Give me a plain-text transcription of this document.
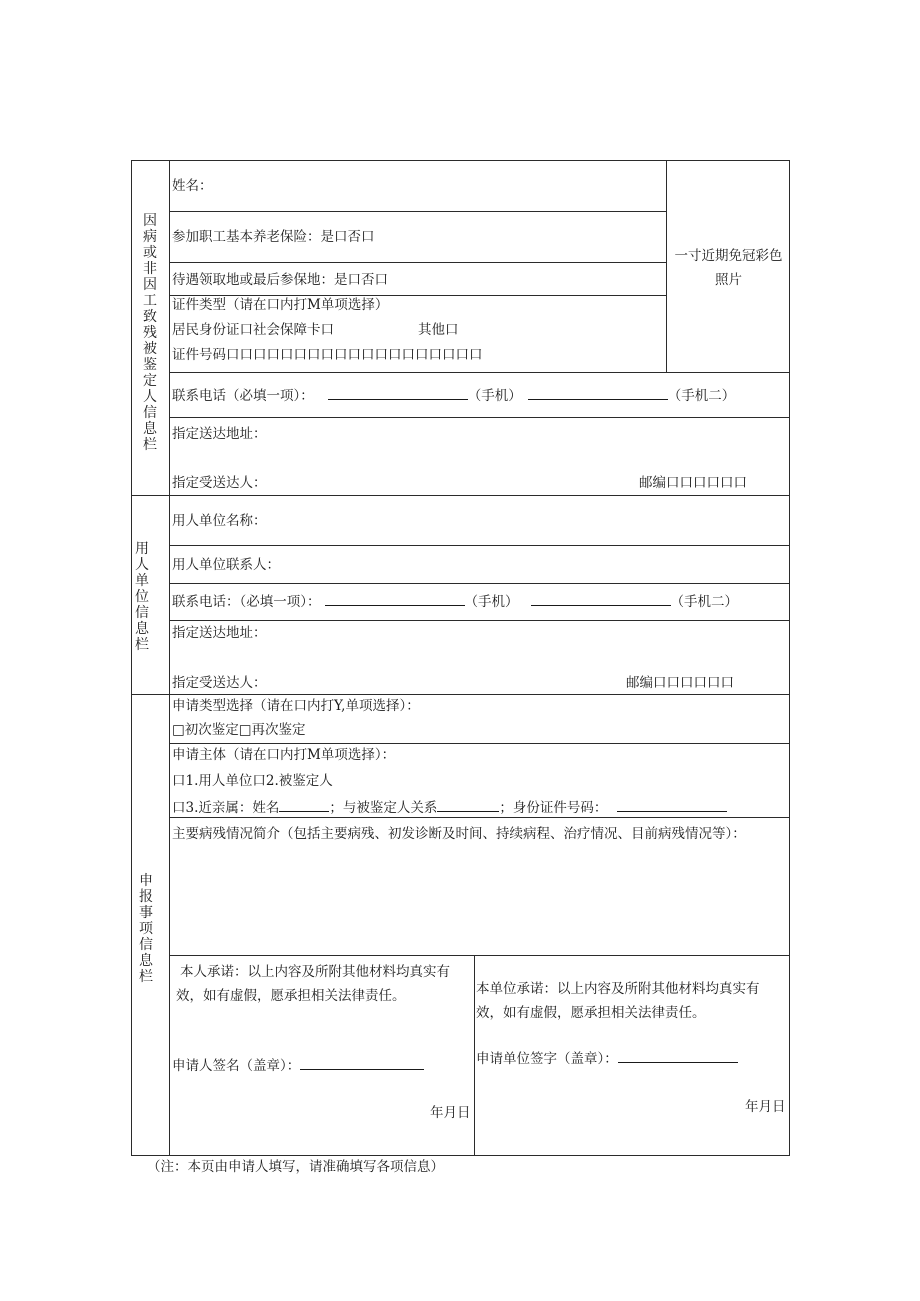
因病或非因工致残被鉴定人信息栏
姓名：
参加职工基本养老保险：是口否口
待遇领取地或最后参保地：是口否口
证件类型（请在口内打M单项选择）
居民身份证口社会保障卡口	其他口
证件号码口口口口口口口口口口口口口口口口口口口
一寸近期免冠彩色照片
联系电话（必填一项）：	（手机）	（手机二）
指定送达地址：
指定受送达人：	邮编口口口口口口
用人单位信息栏
用人单位名称：
用人单位联系人：
联系电话：（必填一项）：	（手机）	（手机二）
指定送达地址：
指定受送达人：	邮编口口口口口口
申报事项信息栏
申请类型选择（请在口内打Y,单项选择）：
□初次鉴定□再次鉴定
申请主体（请在口内打M单项选择）：
口1.用人单位口2.被鉴定人
口3.近亲属：姓名	；与被鉴定人关系	；身份证件号码：
主要病残情况简介（包括主要病残、初发诊断及时间、持续病程、治疗情况、目前病残情况等）：
本人承诺：以上内容及所附其他材料均真实有效，如有虚假，愿承担相关法律责任。
申请人签名（盖章）：
年月日
本单位承诺：以上内容及所附其他材料均真实有效，如有虚假，愿承担相关法律责任。
申请单位签字（盖章）：
年月日
（注：本页由申请人填写，请准确填写各项信息）
